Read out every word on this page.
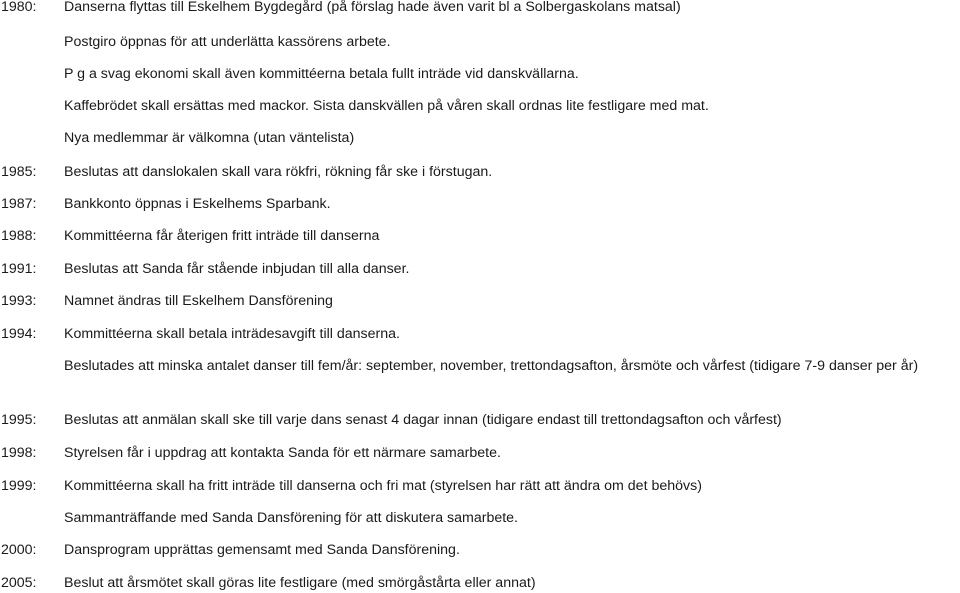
1980: Danserna flyttas till Eskelhem Bygdegård (på förslag hade även varit bl a Solbergaskolans matsal)
Postgiro öppnas för att underlätta kassörens arbete.
P g a svag ekonomi skall även kommittéerna betala fullt inträde vid danskvällarna.
Kaffebrödet skall ersättas med mackor. Sista danskvällen på våren skall ordnas lite festligare med mat.
Nya medlemmar är välkomna (utan väntelista)
1985: Beslutas att danslokalen skall vara rökfri, rökning får ske i förstugan.
1987: Bankkonto öppnas i Eskelhems Sparbank.
1988: Kommittéerna får återigen fritt inträde till danserna
1991: Beslutas att Sanda får stående inbjudan till alla danser.
1993: Namnet ändras till Eskelhem Dansförening
1994: Kommittéerna skall betala inträdesavgift till danserna.
Beslutades att minska antalet danser till fem/år: september, november, trettondagsafton, årsmöte och vårfest (tidigare 7-9 danser per år)
1995: Beslutas att anmälan skall ske till varje dans senast 4 dagar innan (tidigare endast till trettondagsafton och vårfest)
1998: Styrelsen får i uppdrag att kontakta Sanda för ett närmare samarbete.
1999: Kommittéerna skall ha fritt inträde till danserna och fri mat (styrelsen har rätt att ändra om det behövs)
Sammanträffande med Sanda Dansförening för att diskutera samarbete.
2000: Dansprogram upprättas gemensamt med Sanda Dansförening.
2005: Beslut att årsmötet skall göras lite festligare (med smörgåstårta eller annat)
